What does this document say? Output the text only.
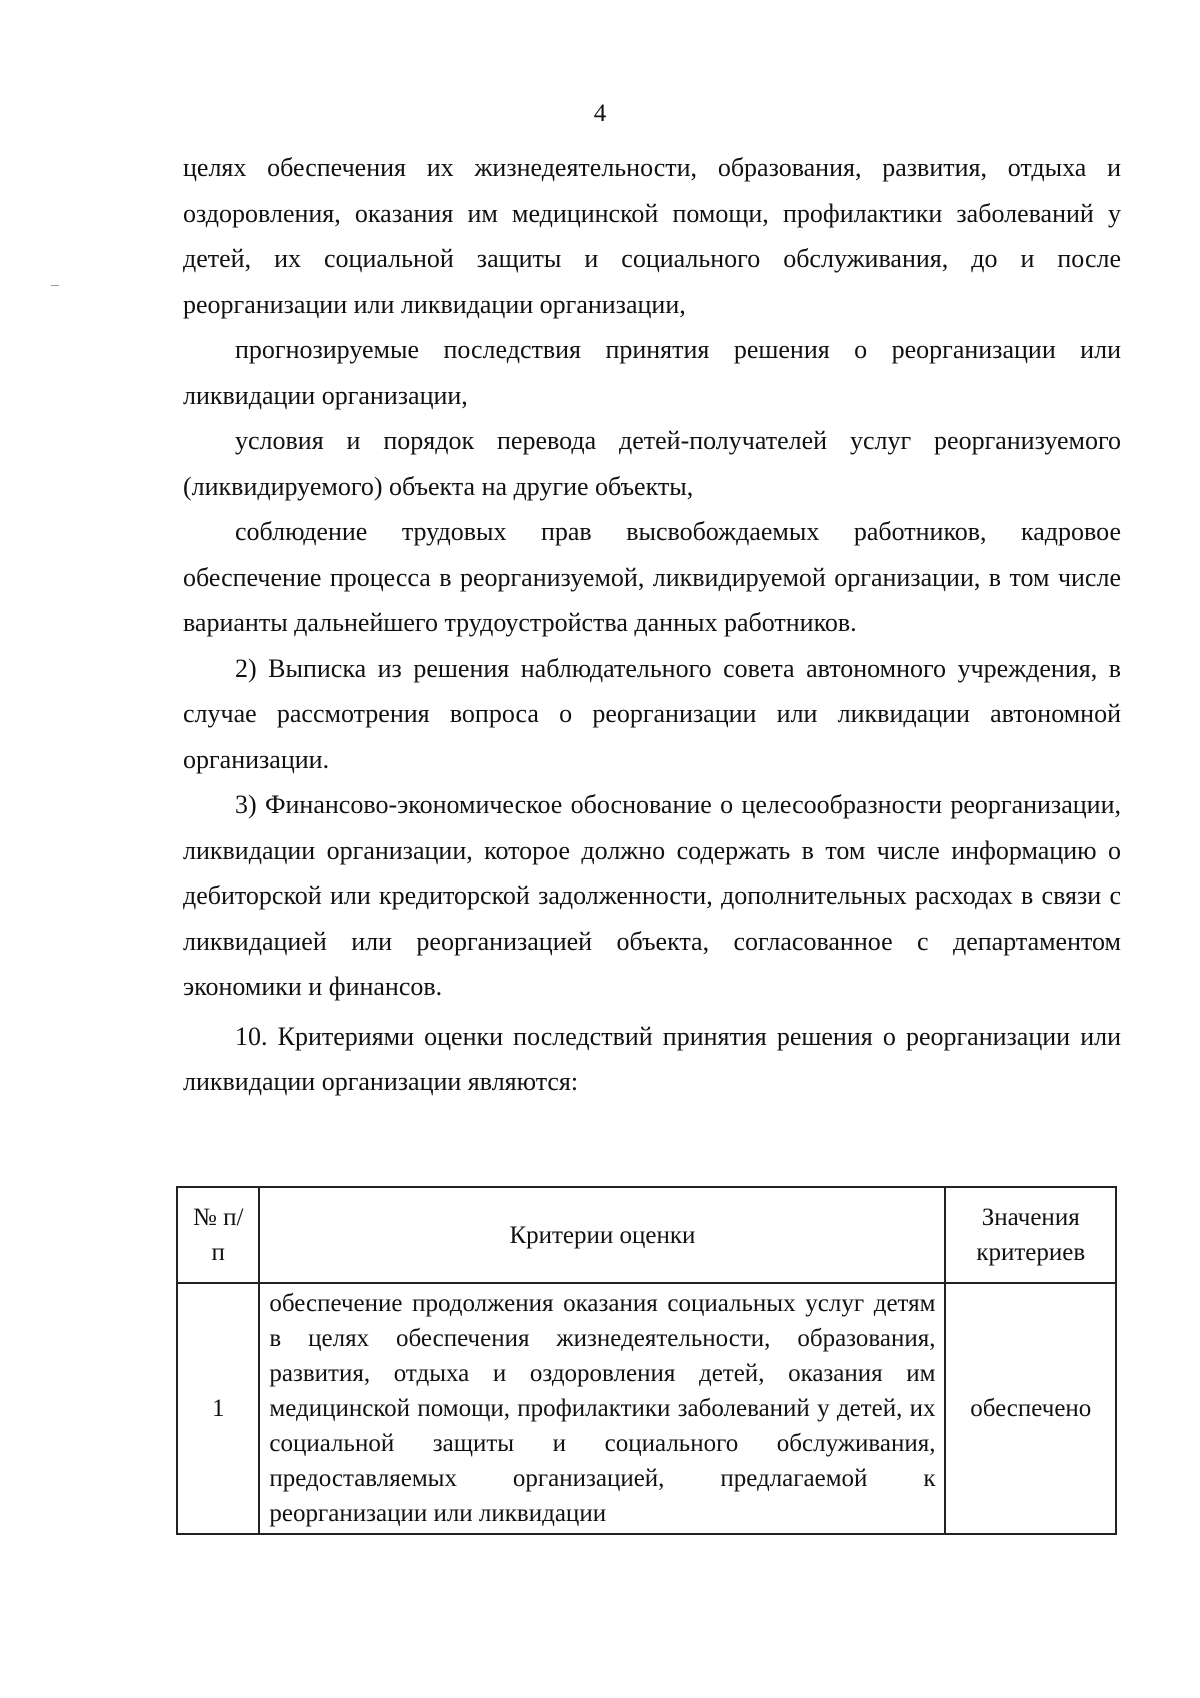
4

целях обеспечения их жизнедеятельности, образования, развития, отдыха и оздоровления, оказания им медицинской помощи, профилактики заболеваний у детей, их социальной защиты и социального обслуживания, до и после реорганизации или ликвидации организации,

прогнозируемые последствия принятия решения о реорганизации или ликвидации организации,

условия и порядок перевода детей-получателей услуг реорганизуемого (ликвидируемого) объекта на другие объекты,

соблюдение трудовых прав высвобождаемых работников, кадровое обеспечение процесса в реорганизуемой, ликвидируемой организации, в том числе варианты дальнейшего трудоустройства данных работников.

2) Выписка из решения наблюдательного совета автономного учреждения, в случае рассмотрения вопроса о реорганизации или ликвидации автономной организации.

3) Финансово-экономическое обоснование о целесообразности реорганизации, ликвидации организации, которое должно содержать в том числе информацию о дебиторской или кредиторской задолженности, дополнительных расходах в связи с ликвидацией или реорганизацией объекта, согласованное с департаментом экономики и финансов.

10. Критериями оценки последствий принятия решения о реорганизации или ликвидации организации являются:

№ п/п	Критерии оценки	Значения критериев
1	обеспечение продолжения оказания социальных услуг детям в целях обеспечения жизнедеятельности, образования, развития, отдыха и оздоровления детей, оказания им медицинской помощи, профилактики заболеваний у детей, их социальной защиты и социального обслуживания, предоставляемых организацией, предлагаемой к реорганизации или ликвидации	обеспечено
